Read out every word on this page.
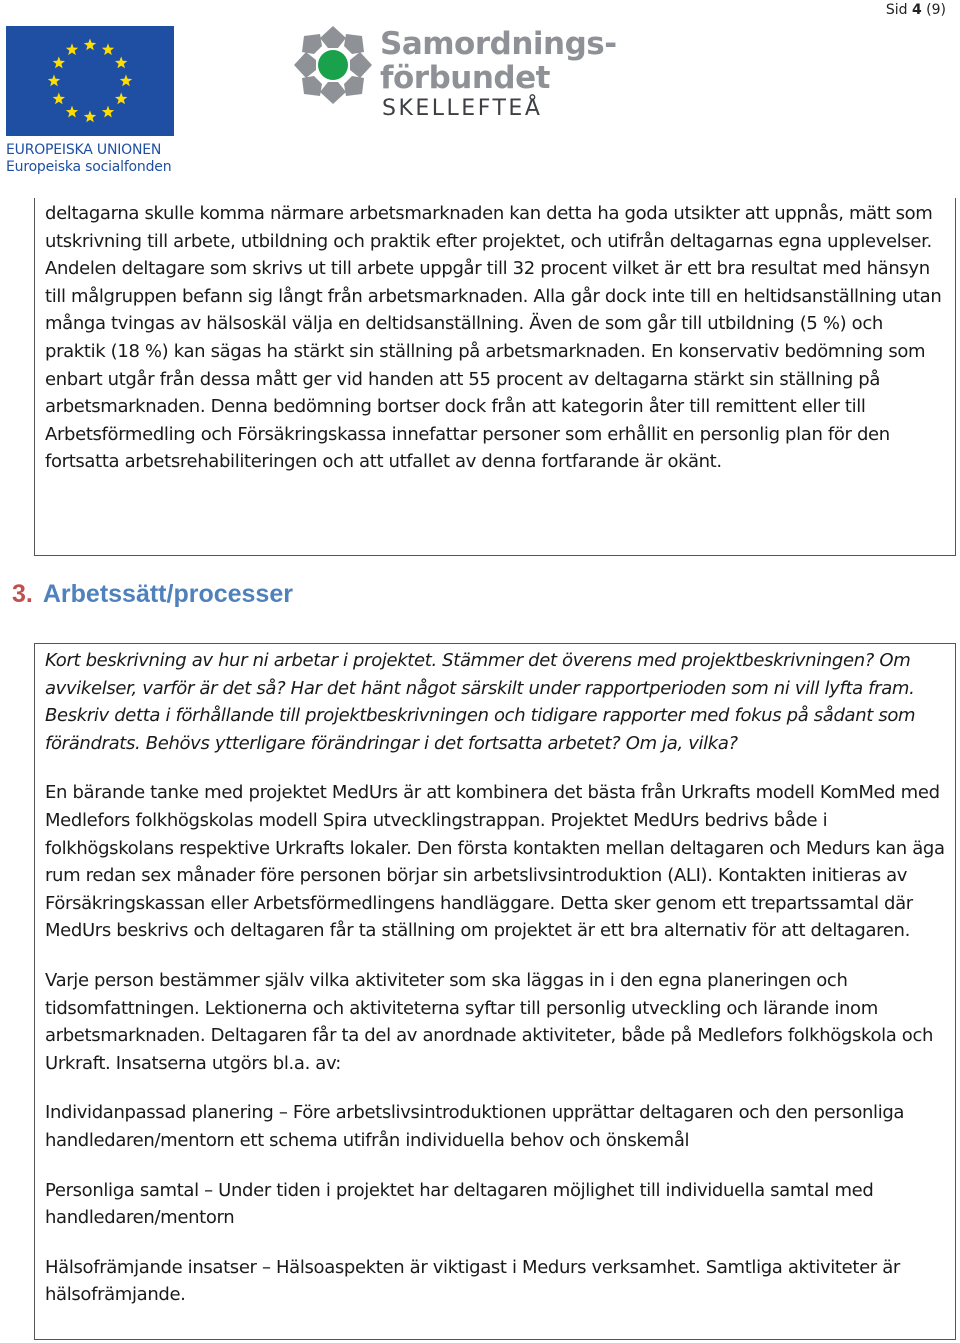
Sid 4 (9)
EUROPEISKA UNIONEN
Europeiska socialfonden
Samordnings-
förbundet
SKELLEFTEÅ

deltagarna skulle komma närmare arbetsmarknaden kan detta ha goda utsikter att uppnås, mätt som utskrivning till arbete, utbildning och praktik efter projektet, och utifrån deltagarnas egna upplevelser. Andelen deltagare som skrivs ut till arbete uppgår till 32 procent vilket är ett bra resultat med hänsyn till målgruppen befann sig långt från arbetsmarknaden. Alla går dock inte till en heltidsanställning utan många tvingas av hälsoskäl välja en deltidsanställning. Även de som går till utbildning (5 %) och praktik (18 %) kan sägas ha stärkt sin ställning på arbetsmarknaden. En konservativ bedömning som enbart utgår från dessa mått ger vid handen att 55 procent av deltagarna stärkt sin ställning på arbetsmarknaden. Denna bedömning bortser dock från att kategorin åter till remittent eller till Arbetsförmedling och Försäkringskassa innefattar personer som erhållit en personlig plan för den fortsatta arbetsrehabiliteringen och att utfallet av denna fortfarande är okänt.

3. Arbetssätt/processer

Kort beskrivning av hur ni arbetar i projektet. Stämmer det överens med projektbeskrivningen? Om avvikelser, varför är det så? Har det hänt något särskilt under rapportperioden som ni vill lyfta fram. Beskriv detta i förhållande till projektbeskrivningen och tidigare rapporter med fokus på sådant som förändrats. Behövs ytterligare förändringar i det fortsatta arbetet? Om ja, vilka?

En bärande tanke med projektet MedUrs är att kombinera det bästa från Urkrafts modell KomMed med Medlefors folkhögskolas modell Spira utvecklingstrappan. Projektet MedUrs bedrivs både i folkhögskolans respektive Urkrafts lokaler. Den första kontakten mellan deltagaren och Medurs kan äga rum redan sex månader före personen börjar sin arbetslivsintroduktion (ALI). Kontakten initieras av Försäkringskassan eller Arbetsförmedlingens handläggare. Detta sker genom ett trepartssamtal där MedUrs beskrivs och deltagaren får ta ställning om projektet är ett bra alternativ för att deltagaren.

Varje person bestämmer själv vilka aktiviteter som ska läggas in i den egna planeringen och tidsomfattningen. Lektionerna och aktiviteterna syftar till personlig utveckling och lärande inom arbetsmarknaden. Deltagaren får ta del av anordnade aktiviteter, både på Medlefors folkhögskola och Urkraft. Insatserna utgörs bl.a. av:

Individanpassad planering – Före arbetslivsintroduktionen upprättar deltagaren och den personliga handledaren/mentorn ett schema utifrån individuella behov och önskemål

Personliga samtal – Under tiden i projektet har deltagaren möjlighet till individuella samtal med handledaren/mentorn

Hälsofrämjande insatser – Hälsoaspekten är viktigast i Medurs verksamhet. Samtliga aktiviteter är hälsofrämjande.
